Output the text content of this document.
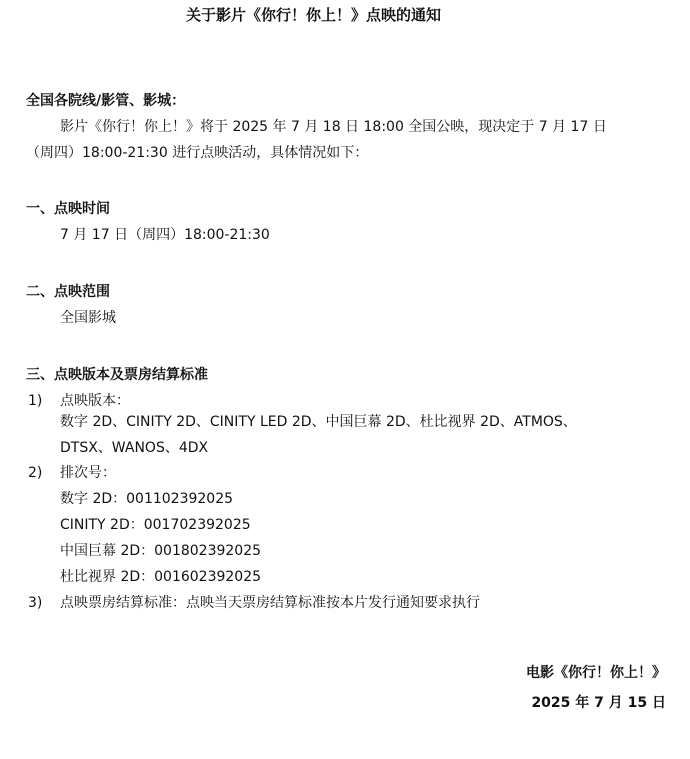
关于影片《你行！你上！》点映的通知
全国各院线/影管、影城：
影片《你行！你上！》将于 2025 年 7 月 18 日 18:00 全国公映，现决定于 7 月 17 日
（周四）18:00-21:30 进行点映活动，具体情况如下：
一、点映时间
7 月 17 日（周四）18:00-21:30
二、点映范围
全国影城
三、点映版本及票房结算标准
1) 点映版本：
数字 2D、CINITY 2D、CINITY LED 2D、中国巨幕 2D、杜比视界 2D、ATMOS、
DTSX、WANOS、4DX
2) 排次号：
数字 2D：001102392025
CINITY 2D：001702392025
中国巨幕 2D：001802392025
杜比视界 2D：001602392025
3) 点映票房结算标准：点映当天票房结算标准按本片发行通知要求执行
电影《你行！你上！》
2025 年 7 月 15 日
